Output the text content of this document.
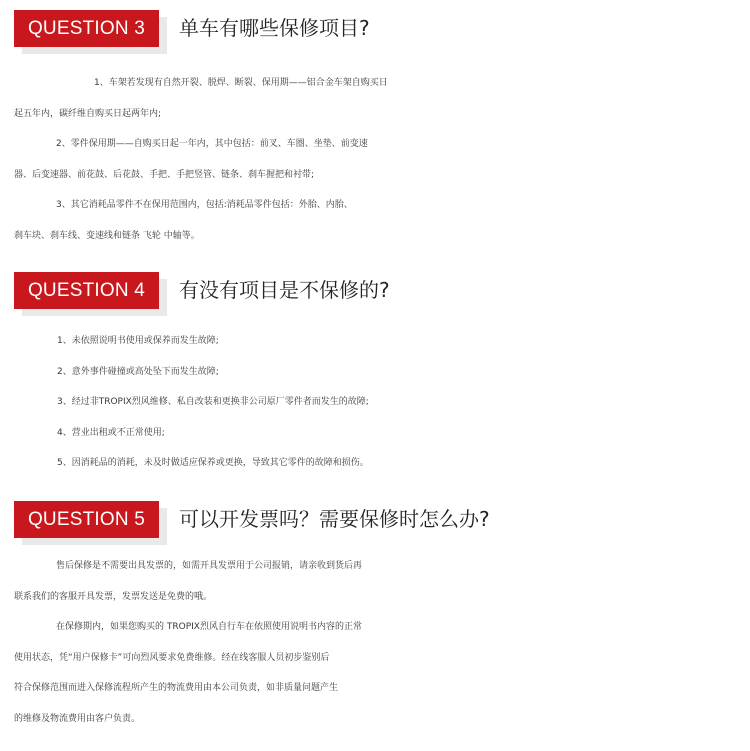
QUESTION 3	单车有哪些保修项目?

1、车架若发现有自然开裂、脱焊、断裂、保用期——铝合金车架自购买日

起五年内，碳纤维自购买日起两年内;

2、零件保用期——自购买日起一年内，其中包括：前叉、车圈、坐垫、前变速

器、后变速器、前花鼓、后花鼓、手把、手把竖管、链条、刹车握把和衬带;

3、其它消耗品零件不在保用范围内，包括:消耗品零件包括：外胎、内胎、

刹车块、刹车线、变速线和链条 飞轮 中轴等。

QUESTION 4	有没有项目是不保修的?

1、未依照说明书使用或保养而发生故障;

2、意外事件碰撞或高处坠下而发生故障;

3、经过非TROPIX烈风维修、私自改装和更换非公司原厂零件者而发生的故障;

4、营业出租或不正常使用;

5、因消耗品的消耗，未及时做适应保养或更换，导致其它零件的故障和损伤。

QUESTION 5	可以开发票吗？需要保修时怎么办?

售后保修是不需要出具发票的，如需开具发票用于公司报销，请亲收到货后再

联系我们的客服开具发票，发票发送是免费的哦。

在保修期内，如果您购买的 TROPIX烈风自行车在依照使用说明书内容的正常

使用状态，凭“用户保修卡”可向烈风要求免费维修。经在线客服人员初步鉴别后

符合保修范围而进入保修流程所产生的物流费用由本公司负责，如非质量问题产生

的维修及物流费用由客户负责。
